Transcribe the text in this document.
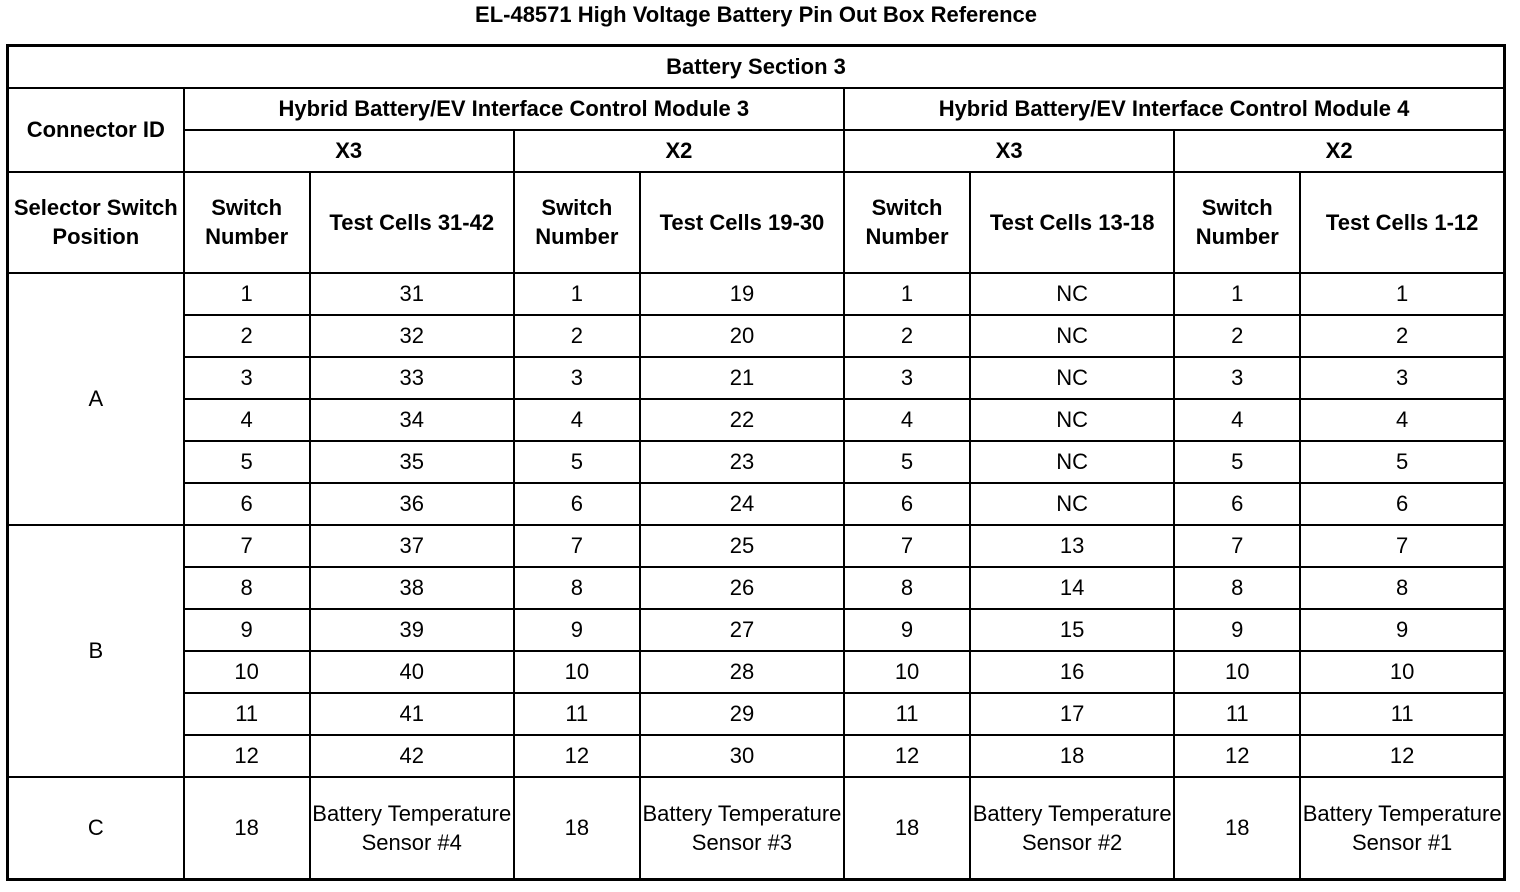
EL-48571 High Voltage Battery Pin Out Box Reference
Battery Section 3								
Connector ID	Hybrid Battery/EV Interface Control Module 3				Hybrid Battery/EV Interface Control Module 4			
	X3		X2		X3		X2	
Selector Switch Position	Switch Number	Test Cells 31-42	Switch Number	Test Cells 19-30	Switch Number	Test Cells 13-18	Switch Number	Test Cells 1-12
A	1	31	1	19	1	NC	1	1
	2	32	2	20	2	NC	2	2
	3	33	3	21	3	NC	3	3
	4	34	4	22	4	NC	4	4
	5	35	5	23	5	NC	5	5
	6	36	6	24	6	NC	6	6
B	7	37	7	25	7	13	7	7
	8	38	8	26	8	14	8	8
	9	39	9	27	9	15	9	9
	10	40	10	28	10	16	10	10
	11	41	11	29	11	17	11	11
	12	42	12	30	12	18	12	12
C	18	Battery Temperature Sensor #4	18	Battery Temperature Sensor #3	18	Battery Temperature Sensor #2	18	Battery Temperature Sensor #1
